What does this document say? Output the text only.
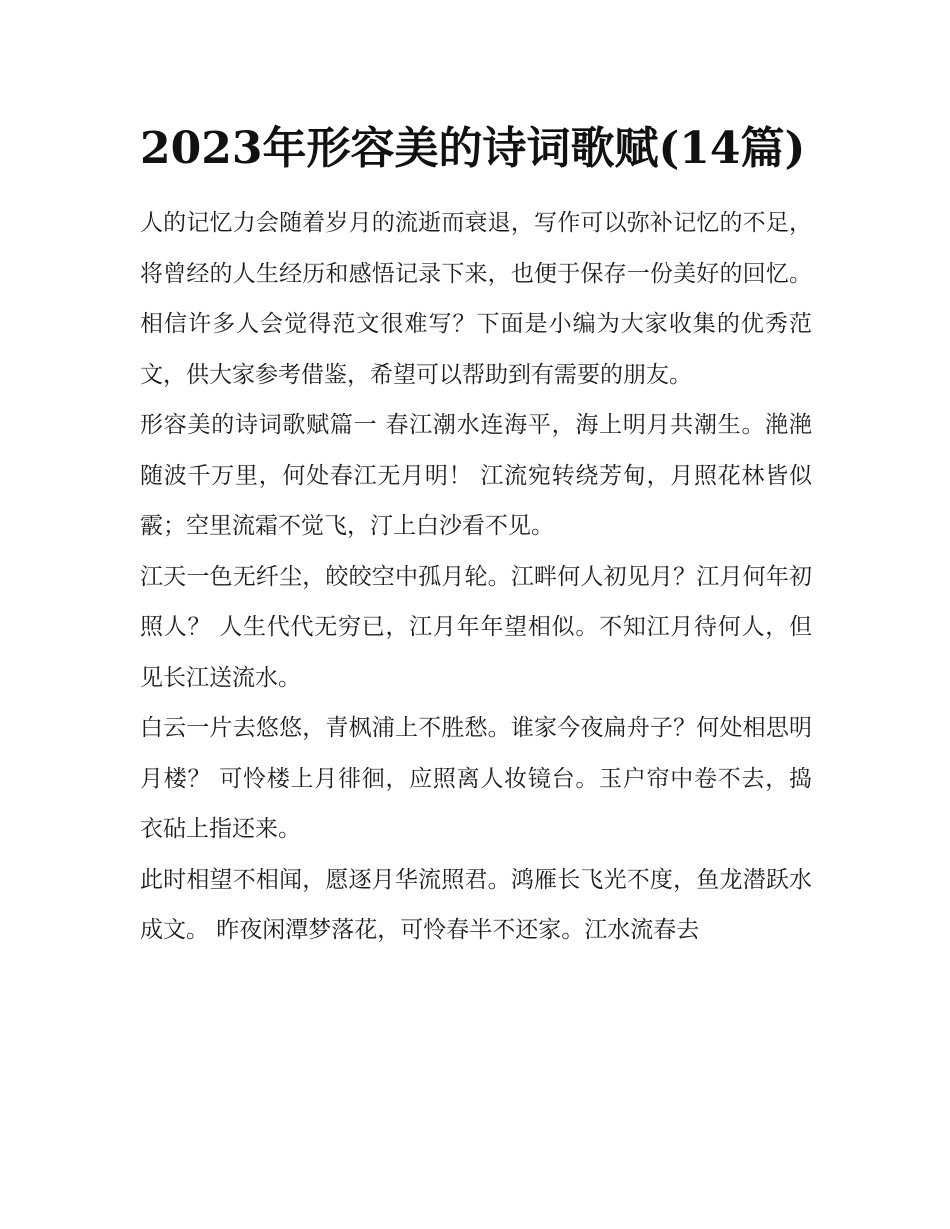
2023年形容美的诗词歌赋(14篇)

人的记忆力会随着岁月的流逝而衰退，写作可以弥补记忆的不足，将曾经的人生经历和感悟记录下来，也便于保存一份美好的回忆。相信许多人会觉得范文很难写？下面是小编为大家收集的优秀范文，供大家参考借鉴，希望可以帮助到有需要的朋友。

形容美的诗词歌赋篇一 春江潮水连海平，海上明月共潮生。滟滟随波千万里，何处春江无月明！ 江流宛转绕芳甸，月照花林皆似霰；空里流霜不觉飞，汀上白沙看不见。

江天一色无纤尘，皎皎空中孤月轮。江畔何人初见月？江月何年初照人？ 人生代代无穷已，江月年年望相似。不知江月待何人，但见长江送流水。

白云一片去悠悠，青枫浦上不胜愁。谁家今夜扁舟子？何处相思明月楼？ 可怜楼上月徘徊，应照离人妆镜台。玉户帘中卷不去，捣衣砧上指还来。

此时相望不相闻，愿逐月华流照君。鸿雁长飞光不度，鱼龙潜跃水成文。 昨夜闲潭梦落花，可怜春半不还家。江水流春去
